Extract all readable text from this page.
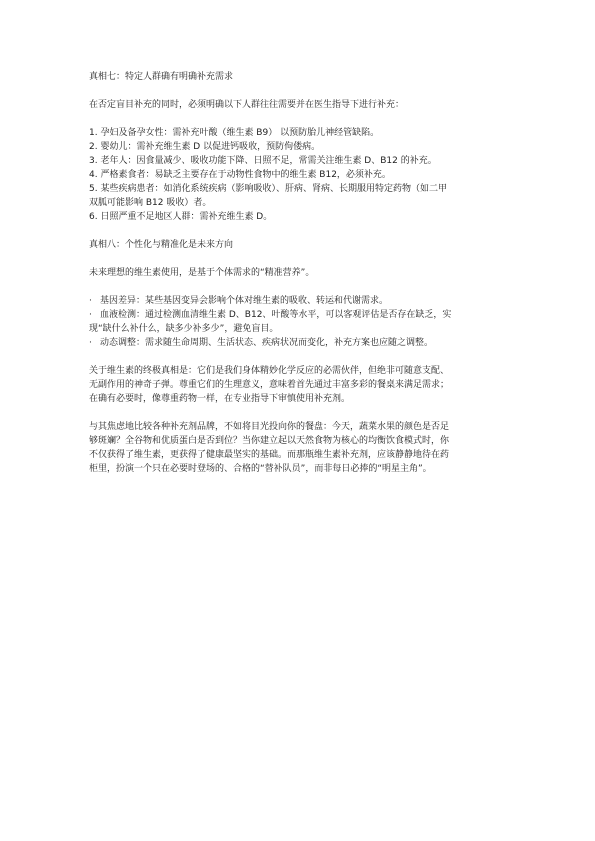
真相七：特定人群确有明确补充需求

在否定盲目补充的同时，必须明确以下人群往往需要并在医生指导下进行补充：

1. 孕妇及备孕女性：需补充叶酸（维生素 B9） 以预防胎儿神经管缺陷。

2. 婴幼儿：需补充维生素 D 以促进钙吸收，预防佝偻病。

3. 老年人：因食量减少、吸收功能下降、日照不足，常需关注维生素 D、B12 的补充。

4. 严格素食者：易缺乏主要存在于动物性食物中的维生素 B12，必须补充。

5. 某些疾病患者：如消化系统疾病（影响吸收）、肝病、肾病、长期服用特定药物（如二甲

双胍可能影响 B12 吸收）者。

6. 日照严重不足地区人群：需补充维生素 D。

真相八：个性化与精准化是未来方向

未来理想的维生素使用，是基于个体需求的“精准营养”。

· 基因差异：某些基因变异会影响个体对维生素的吸收、转运和代谢需求。

· 血液检测：通过检测血清维生素 D、B12、叶酸等水平，可以客观评估是否存在缺乏，实

现“缺什么补什么，缺多少补多少”，避免盲目。

· 动态调整：需求随生命周期、生活状态、疾病状况而变化，补充方案也应随之调整。

关于维生素的终极真相是：它们是我们身体精妙化学反应的必需伙伴，但绝非可随意支配、

无副作用的神奇子弹。尊重它们的生理意义，意味着首先通过丰富多彩的餐桌来满足需求；

在确有必要时，像尊重药物一样，在专业指导下审慎使用补充剂。

与其焦虑地比较各种补充剂品牌，不如将目光投向你的餐盘：今天，蔬菜水果的颜色是否足

够斑斓？全谷物和优质蛋白是否到位？当你建立起以天然食物为核心的均衡饮食模式时，你

不仅获得了维生素，更获得了健康最坚实的基础。而那瓶维生素补充剂，应该静静地待在药

柜里，扮演一个只在必要时登场的、合格的“替补队员”，而非每日必捧的“明星主角”。
